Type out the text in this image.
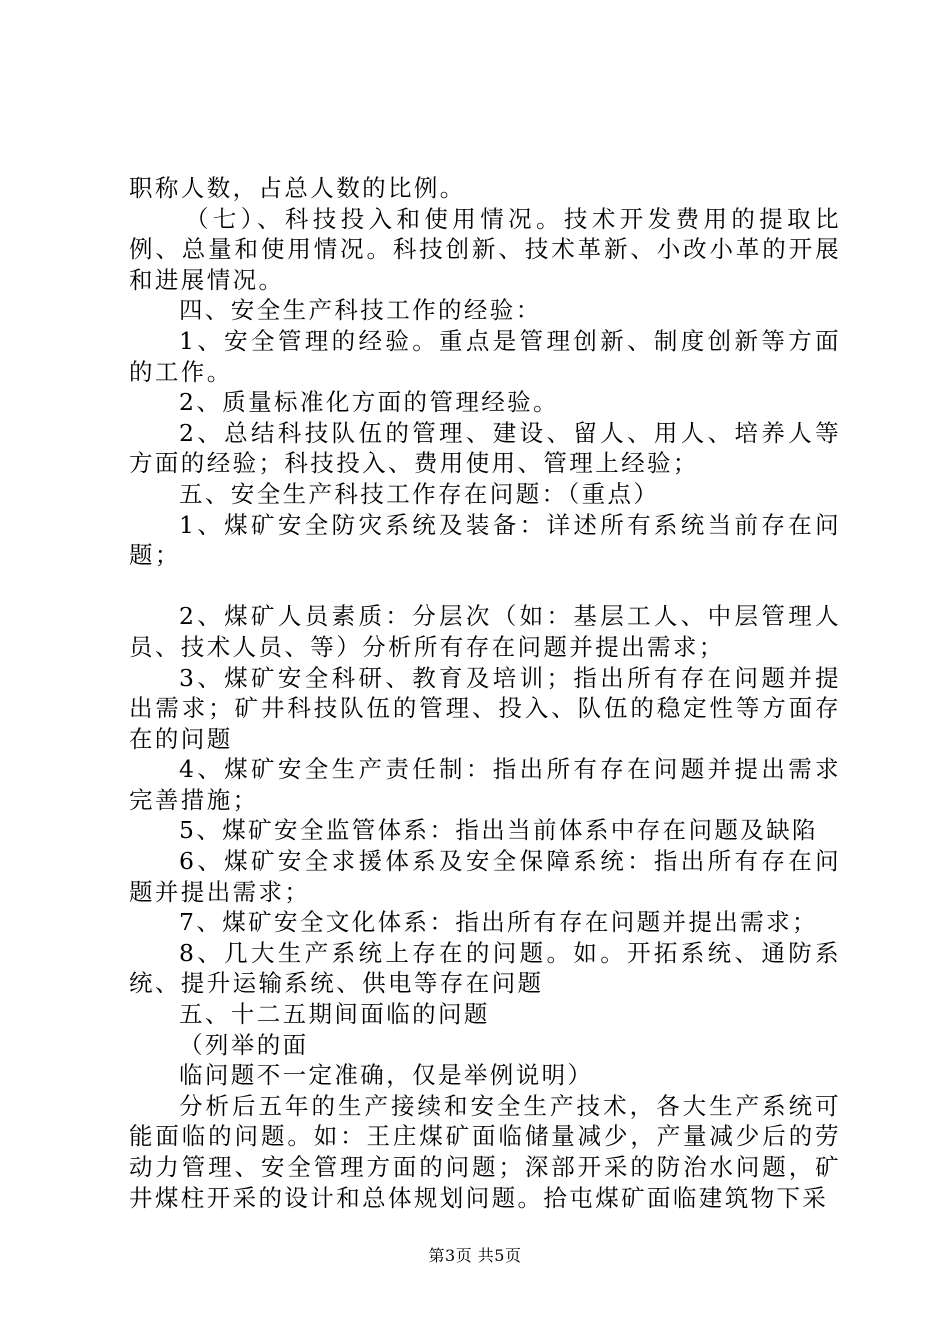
职称人数，占总人数的比例。

（七）、科技投入和使用情况。技术开发费用的提取比例、总量和使用情况。科技创新、技术革新、小改小革的开展和进展情况。

四、安全生产科技工作的经验：

1、安全管理的经验。重点是管理创新、制度创新等方面的工作。

2、质量标准化方面的管理经验。

2、总结科技队伍的管理、建设、留人、用人、培养人等方面的经验；科技投入、费用使用、管理上经验；

五、安全生产科技工作存在问题：（重点）

1、煤矿安全防灾系统及装备：详述所有系统当前存在问题；

2、煤矿人员素质：分层次（如：基层工人、中层管理人员、技术人员、等）分析所有存在问题并提出需求；

3、煤矿安全科研、教育及培训；指出所有存在问题并提出需求；矿井科技队伍的管理、投入、队伍的稳定性等方面存在的问题

4、煤矿安全生产责任制：指出所有存在问题并提出需求完善措施；

5、煤矿安全监管体系：指出当前体系中存在问题及缺陷

6、煤矿安全求援体系及安全保障系统：指出所有存在问题并提出需求；

7、煤矿安全文化体系：指出所有存在问题并提出需求；

8、几大生产系统上存在的问题。如。开拓系统、通防系统、提升运输系统、供电等存在问题

五、十二五期间面临的问题

（列举的面

临问题不一定准确，仅是举例说明）

分析后五年的生产接续和安全生产技术，各大生产系统可能面临的问题。如：王庄煤矿面临储量减少，产量减少后的劳动力管理、安全管理方面的问题；深部开采的防治水问题，矿井煤柱开采的设计和总体规划问题。拾屯煤矿面临建筑物下采

第3页 共5页
